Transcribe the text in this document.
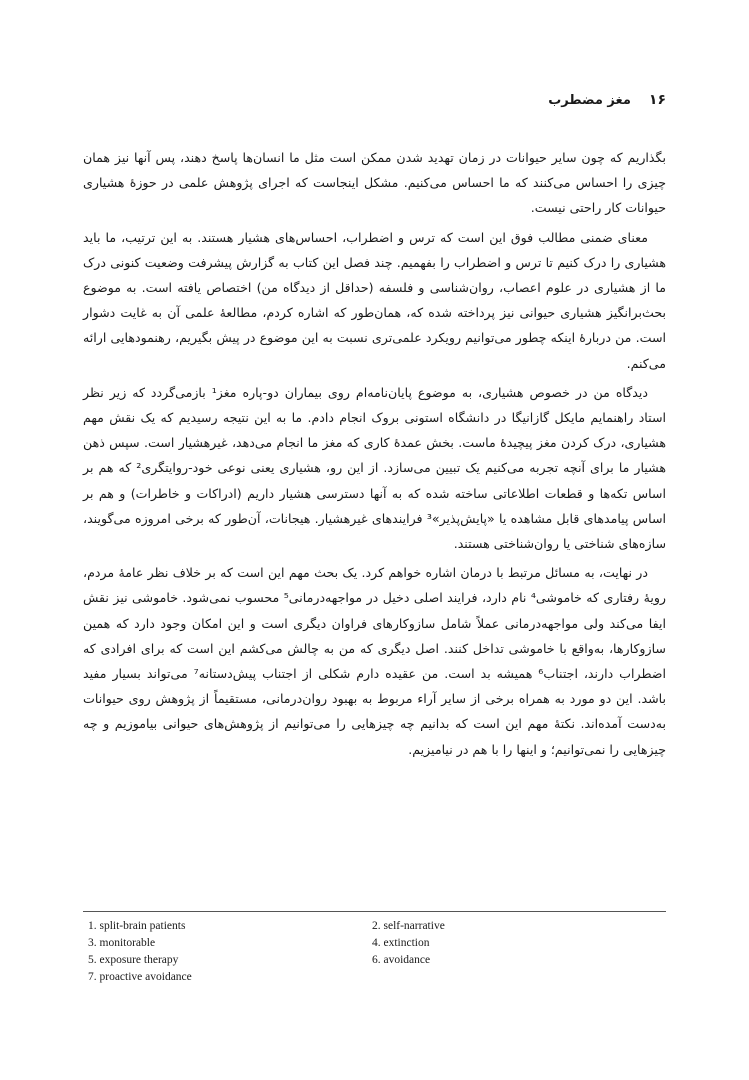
۱۶مغز مضطرب

بگذاریم که چون سایر حیوانات در زمان تهدید شدن ممکن است مثل ما انسان‌ها پاسخ دهند، پس آنها نیز همان چیزی را احساس می‌کنند که ما احساس می‌کنیم. مشکل اینجاست که اجرای پژوهش علمی در حوزهٔ هشیاری حیوانات کار راحتی نیست.

معنای ضمنی مطالب فوق این است که ترس و اضطراب، احساس‌های هشیار هستند. به این ترتیب، ما باید هشیاری را درک کنیم تا ترس و اضطراب را بفهمیم. چند فصل این کتاب به گزارش پیشرفت وضعیت کنونی درک ما از هشیاری در علوم اعصاب، روان‌شناسی و فلسفه (حداقل از دیدگاه من) اختصاص یافته است. به موضوع بحث‌برانگیز هشیاری حیوانی نیز پرداخته شده که، همان‌طور که اشاره کردم، مطالعهٔ علمی آن به غایت دشوار است. من دربارهٔ اینکه چطور می‌توانیم رویکرد علمی‌تری نسبت به این موضوع در پیش بگیریم، رهنمودهایی ارائه می‌کنم.

دیدگاه من در خصوص هشیاری، به موضوع پایان‌نامه‌ام روی بیماران دو-پاره مغز¹ بازمی‌گردد که زیر نظر استاد راهنمایم مایکل گازانیگا در دانشگاه استونی بروک انجام دادم. ما به این نتیجه رسیدیم که یک نقش مهم هشیاری، درک کردن مغز پیچیدهٔ ماست. بخش عمدهٔ کاری که مغز ما انجام می‌دهد، غیرهشیار است. سپس ذهن هشیار ما برای آنچه تجربه می‌کنیم یک تبیین می‌سازد. از این رو، هشیاری یعنی نوعی خود-روایتگری² که هم بر اساس تکه‌ها و قطعات اطلاعاتی ساخته شده که به آنها دسترسی هشیار داریم (ادراکات و خاطرات) و هم بر اساس پیامدهای قابل مشاهده یا «پایش‌پذیر»³ فرایندهای غیرهشیار. هیجانات، آن‌طور که برخی امروزه می‌گویند، سازه‌های شناختی یا روان‌شناختی هستند.

در نهایت، به مسائل مرتبط با درمان اشاره خواهم کرد. یک بحث مهم این است که بر خلاف نظر عامهٔ مردم، رویهٔ رفتاری که خاموشی⁴ نام دارد، فرایند اصلی دخیل در مواجهه‌درمانی⁵ محسوب نمی‌شود. خاموشی نیز نقش ایفا می‌کند ولی مواجهه‌درمانی عملاً شامل سازوکارهای فراوان دیگری است و این امکان وجود دارد که همین سازوکارها، به‌واقع با خاموشی تداخل کنند. اصل دیگری که من به چالش می‌کشم این است که برای افرادی که اضطراب دارند، اجتناب⁶ همیشه بد است. من عقیده دارم شکلی از اجتناب پیش‌دستانه⁷ می‌تواند بسیار مفید باشد. این دو مورد به همراه برخی از سایر آراء مربوط به بهبود روان‌درمانی، مستقیماً از پژوهش روی حیوانات به‌دست آمده‌اند. نکتهٔ مهم این است که بدانیم چه چیزهایی را می‌توانیم از پژوهش‌های حیوانی بیاموزیم و چه چیزهایی را نمی‌توانیم؛ و اینها را با هم در نیامیزیم.

1. split-brain patients	2. self-narrative
3. monitorable	4. extinction
5. exposure therapy	6. avoidance
7. proactive avoidance
